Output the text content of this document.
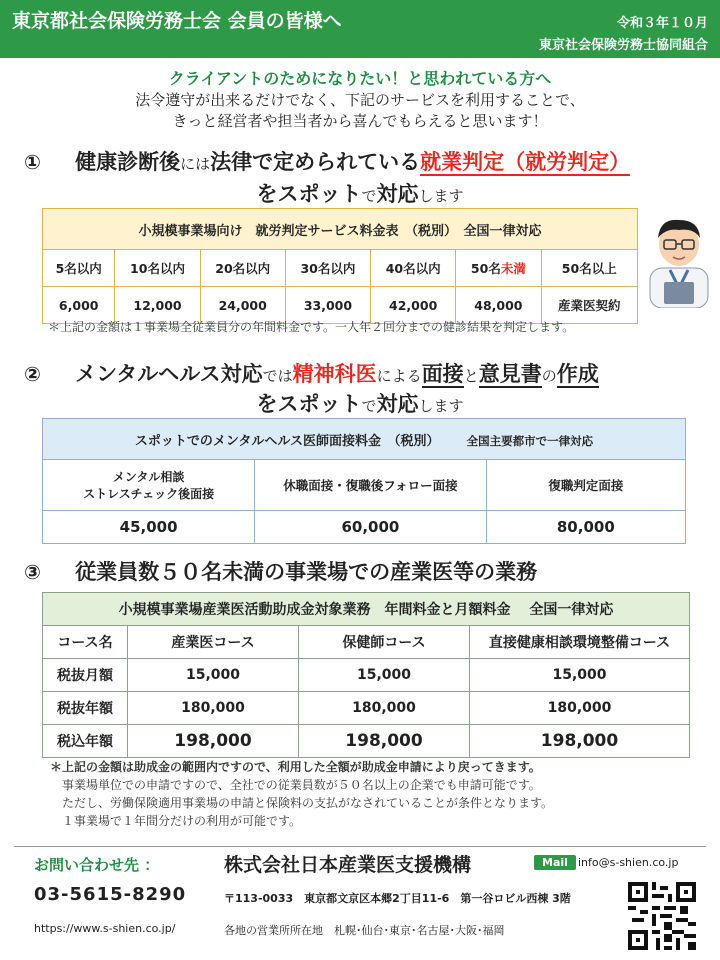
東京都社会保険労務士会 会員の皆様へ	令和３年１０月
東京社会保険労務士協同組合
クライアントのためになりたい！と思われている方へ
法令遵守が出来るだけでなく、下記のサービスを利用することで、
きっと経営者や担当者から喜んでもらえると思います！
① 健康診断後には法律で定められている就業判定（就労判定）
をスポットで対応します
小規模事業場向け　就労判定サービス料金表　（税別）　全国一律対応						
5名以内	10名以内	20名以内	30名以内	40名以内	50名未満	50名以上
6,000	12,000	24,000	33,000	42,000	48,000	産業医契約
＊上記の金額は１事業場全従業員分の年間料金です。一人年２回分までの健診結果を判定します。
② メンタルヘルス対応では精神科医による面接と意見書の作成
をスポットで対応します
スポットでのメンタルヘルス医師面接料金　（税別） 全国主要都市で一律対応		

メンタル相談
ストレスチェック後面接	休職面接・復職後フォロー面接	復職判定面接
45,000	60,000	80,000
③ 従業員数５０名未満の事業場での産業医等の業務
小規模事業場産業医活動助成金対象業務　年間料金と月額料金　 全国一律対応			
コース名	産業医コース	保健師コース	直接健康相談環境整備コース
税抜月額	15,000	15,000	15,000
税抜年額	180,000	180,000	180,000
税込年額	198,000	198,000	198,000
＊上記の金額は助成金の範囲内ですので、利用した全額が助成金申請により戻ってきます。
事業場単位での申請ですので、全社での従業員数が５０名以上の企業でも申請可能です。
ただし、労働保険適用事業場の申請と保険料の支払がなされていることが条件となります。
１事業場で１年間分だけの利用が可能です。
お問い合わせ先 ：	株式会社日本産業医支援機構	Mail info@s-shien.co.jp
03-5615-8290	〒113-0033　東京都文京区本郷2丁目11-6　第一谷ロビル西棟 3階
https://www.s-shien.co.jp/	各地の営業所所在地　札幌･仙台･東京･名古屋･大阪･福岡
